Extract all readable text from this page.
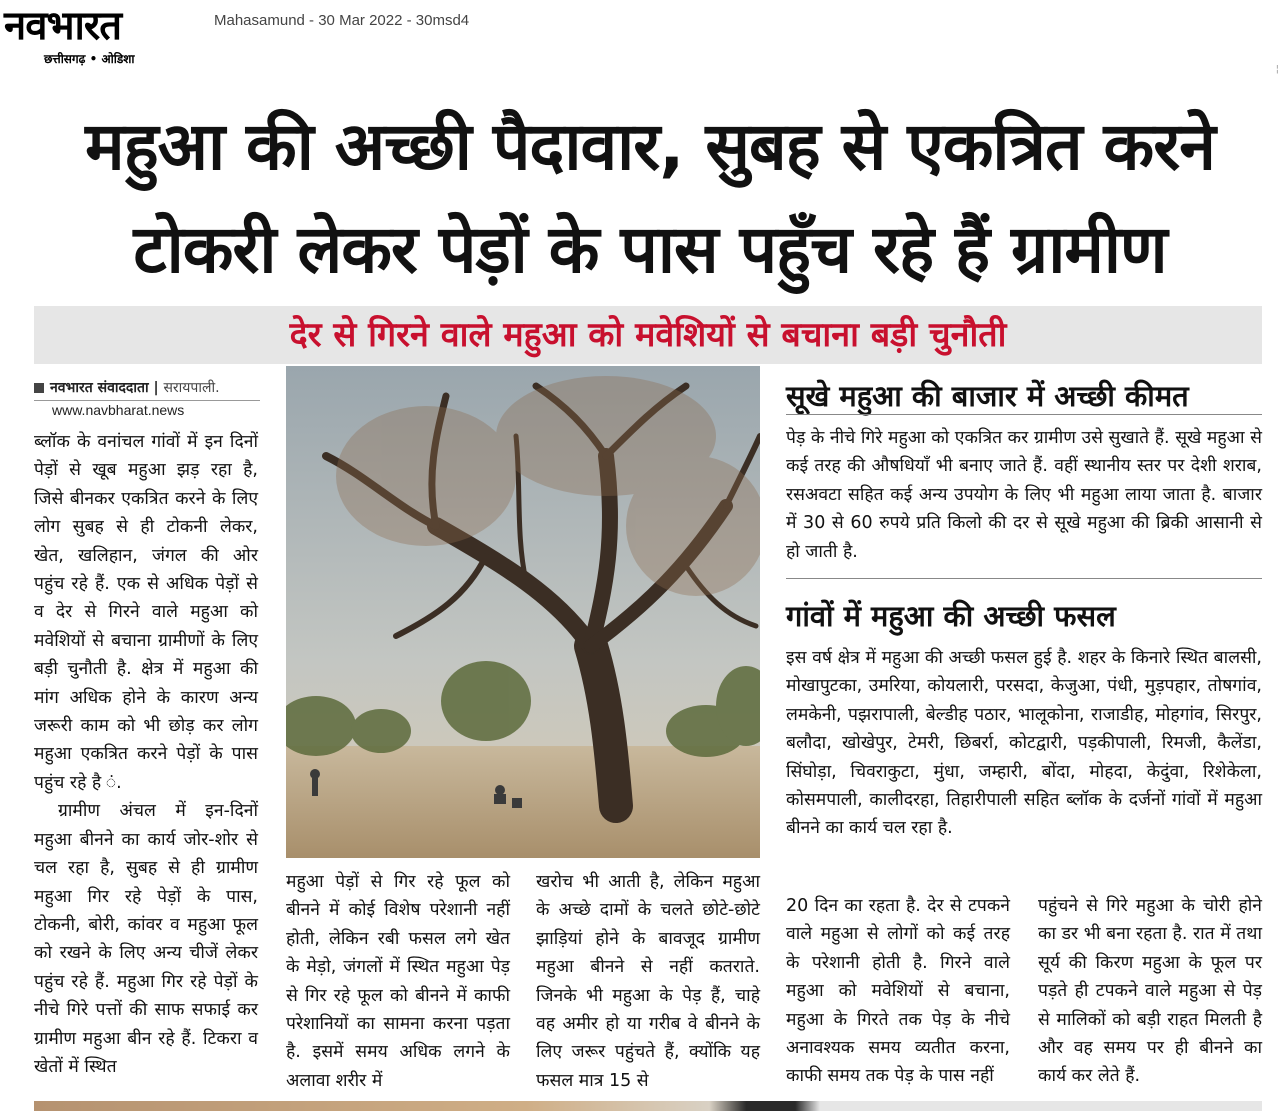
नवभारत
छत्तीसगढ़ • ओडिशा
Mahasamund - 30 Mar 2022 - 30msd4
¦
महुआ की अच्छी पैदावार, सुबह से एकत्रित करने
टोकरी लेकर पेड़ों के पास पहुँच रहे हैं ग्रामीण
देर से गिरने वाले महुआ को मवेशियों से बचाना बड़ी चुनौती
नवभारत संवाददाता | सरायपाली.
www.navbharat.news

ब्लॉक के वनांचल गांवों में इन दिनों पेड़ों से खूब महुआ झड़ रहा है, जिसे बीनकर एकत्रित करने के लिए लोग सुबह से ही टोकनी लेकर, खेत, खलिहान, जंगल की ओर पहुंच रहे हैं. एक से अधिक पेड़ों से व देर से गिरने वाले महुआ को मवेशियों से बचाना ग्रामीणों के लिए बड़ी चुनौती है. क्षेत्र में महुआ की मांग अधिक होने के कारण अन्य जरूरी काम को भी छोड़ कर लोग महुआ एकत्रित करने पेड़ों के पास पहुंच रहे है ं.

ग्रामीण अंचल में इन-दिनों महुआ बीनने का कार्य जोर-शोर से चल रहा है, सुबह से ही ग्रामीण महुआ गिर रहे पेड़ों के पास, टोकनी, बोरी, कांवर व महुआ फूल को रखने के लिए अन्य चीजें लेकर पहुंच रहे हैं. महुआ गिर रहे पेड़ों के नीचे गिरे पत्तों की साफ सफाई कर ग्रामीण महुआ बीन रहे हैं. टिकरा व खेतों में स्थित

महुआ पेड़ों से गिर रहे फूल को बीनने में कोई विशेष परेशानी नहीं होती, लेकिन रबी फसल लगे खेत के मेड़ो, जंगलों में स्थित महुआ पेड़ से गिर रहे फूल को बीनने में काफी परेशानियों का सामना करना पड़ता है. इसमें समय अधिक लगने के अलावा शरीर में

खरोच भी आती है, लेकिन महुआ के अच्छे दामों के चलते छोटे-छोटे झाड़ियां होने के बावजूद ग्रामीण महुआ बीनने से नहीं कतराते. जिनके भी महुआ के पेड़ हैं, चाहे वह अमीर हो या गरीब वे बीनने के लिए जरूर पहुंचते हैं, क्योंकि यह फसल मात्र 15 से

सूखे महुआ की बाजार में अच्छी कीमत

पेड़ के नीचे गिरे महुआ को एकत्रित कर ग्रामीण उसे सुखाते हैं. सूखे महुआ से कई तरह की औषधियाँ भी बनाए जाते हैं. वहीं स्थानीय स्तर पर देशी शराब, रसअवटा सहित कई अन्य उपयोग के लिए भी महुआ लाया जाता है. बाजार में 30 से 60 रुपये प्रति किलो की दर से सूखे महुआ की ब्रिकी आसानी से हो जाती है.

गांवों में महुआ की अच्छी फसल

इस वर्ष क्षेत्र में महुआ की अच्छी फसल हुई है. शहर के किनारे स्थित बालसी, मोखापुटका, उमरिया, कोयलारी, परसदा, केजुआ, पंधी, मुड़पहार, तोषगांव, लमकेनी, पझरापाली, बेल्डीह पठार, भालूकोना, राजाडीह, मोहगांव, सिरपुर, बलौदा, खोखेपुर, टेमरी, छिबर्रा, कोटद्वारी, पड़कीपाली, रिमजी, कैलेंडा, सिंघोड़ा, चिवराकुटा, मुंधा, जम्हारी, बोंदा, मोहदा, केदुंवा, रिशेकेला, कोसमपाली, कालीदरहा, तिहारीपाली सहित ब्लॉक के दर्जनों गांवों में महुआ बीनने का कार्य चल रहा है.

20 दिन का रहता है. देर से टपकने वाले महुआ से लोगों को कई तरह के परेशानी होती है. गिरने वाले महुआ को मवेशियों से बचाना, महुआ के गिरते तक पेड़ के नीचे अनावश्यक समय व्यतीत करना, काफी समय तक पेड़ के पास नहीं

पहुंचने से गिरे महुआ के चोरी होने का डर भी बना रहता है. रात में तथा सूर्य की किरण महुआ के फूल पर पड़ते ही टपकने वाले महुआ से पेड़ से मालिकों को बड़ी राहत मिलती है और वह समय पर ही बीनने का कार्य कर लेते हैं.
